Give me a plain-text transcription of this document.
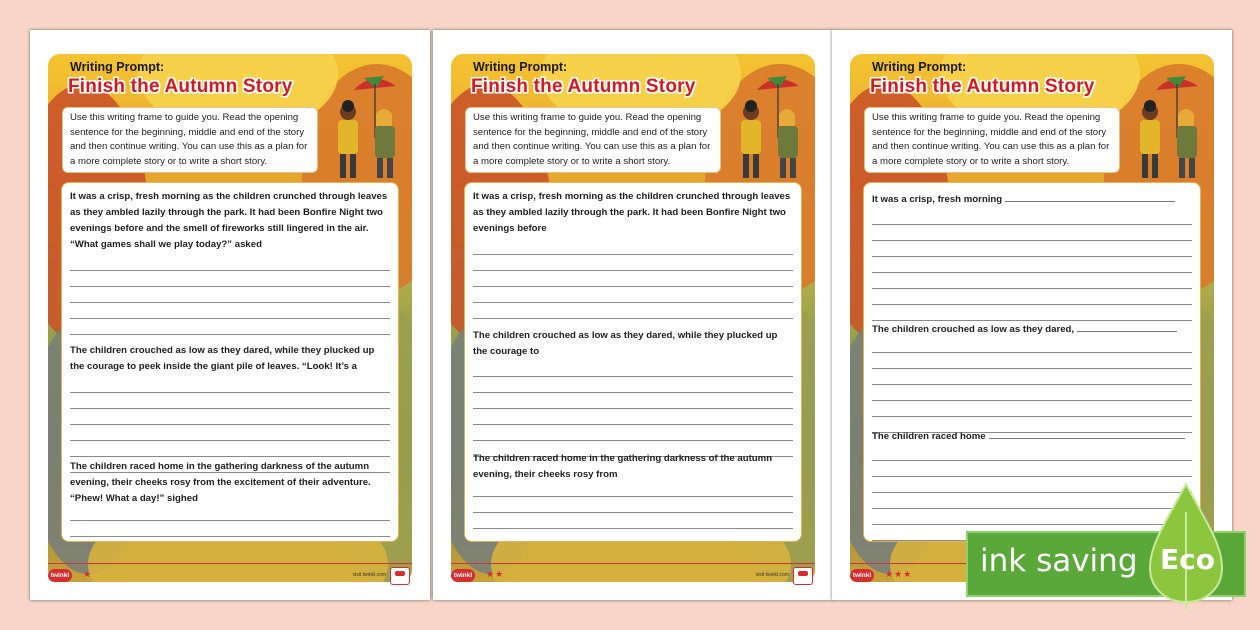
Writing Prompt:
Finish the Autumn Story
Use this writing frame to guide you. Read the opening sentence for the beginning, middle and end of the story and then continue writing. You can use this as a plan for a more complete story or to write a short story.
It was a crisp, fresh morning as the children crunched through leaves as they ambled lazily through the park. It had been Bonfire Night two evenings before and the smell of fireworks still lingered in the air. “What games shall we play today?” asked
The children crouched as low as they dared, while they plucked up the courage to peek inside the giant pile of leaves. “Look! It’s a
The children raced home in the gathering darkness of the autumn evening, their cheeks rosy from the excitement of their adventure. “Phew! What a day!” sighed
twinkl	★	visit twinkl.com
Writing Prompt:
Finish the Autumn Story
Use this writing frame to guide you. Read the opening sentence for the beginning, middle and end of the story and then continue writing. You can use this as a plan for a more complete story or to write a short story.
It was a crisp, fresh morning as the children crunched through leaves as they ambled lazily through the park. It had been Bonfire Night two evenings before
The children crouched as low as they dared, while they plucked up the courage to
The children raced home in the gathering darkness of the autumn evening, their cheeks rosy from
twinkl	★★	visit twinkl.com
Writing Prompt:
Finish the Autumn Story
Use this writing frame to guide you. Read the opening sentence for the beginning, middle and end of the story and then continue writing. You can use this as a plan for a more complete story or to write a short story.
It was a crisp, fresh morning
The children crouched as low as they dared,
The children raced home
twinkl	★★★ ink saving Eco
